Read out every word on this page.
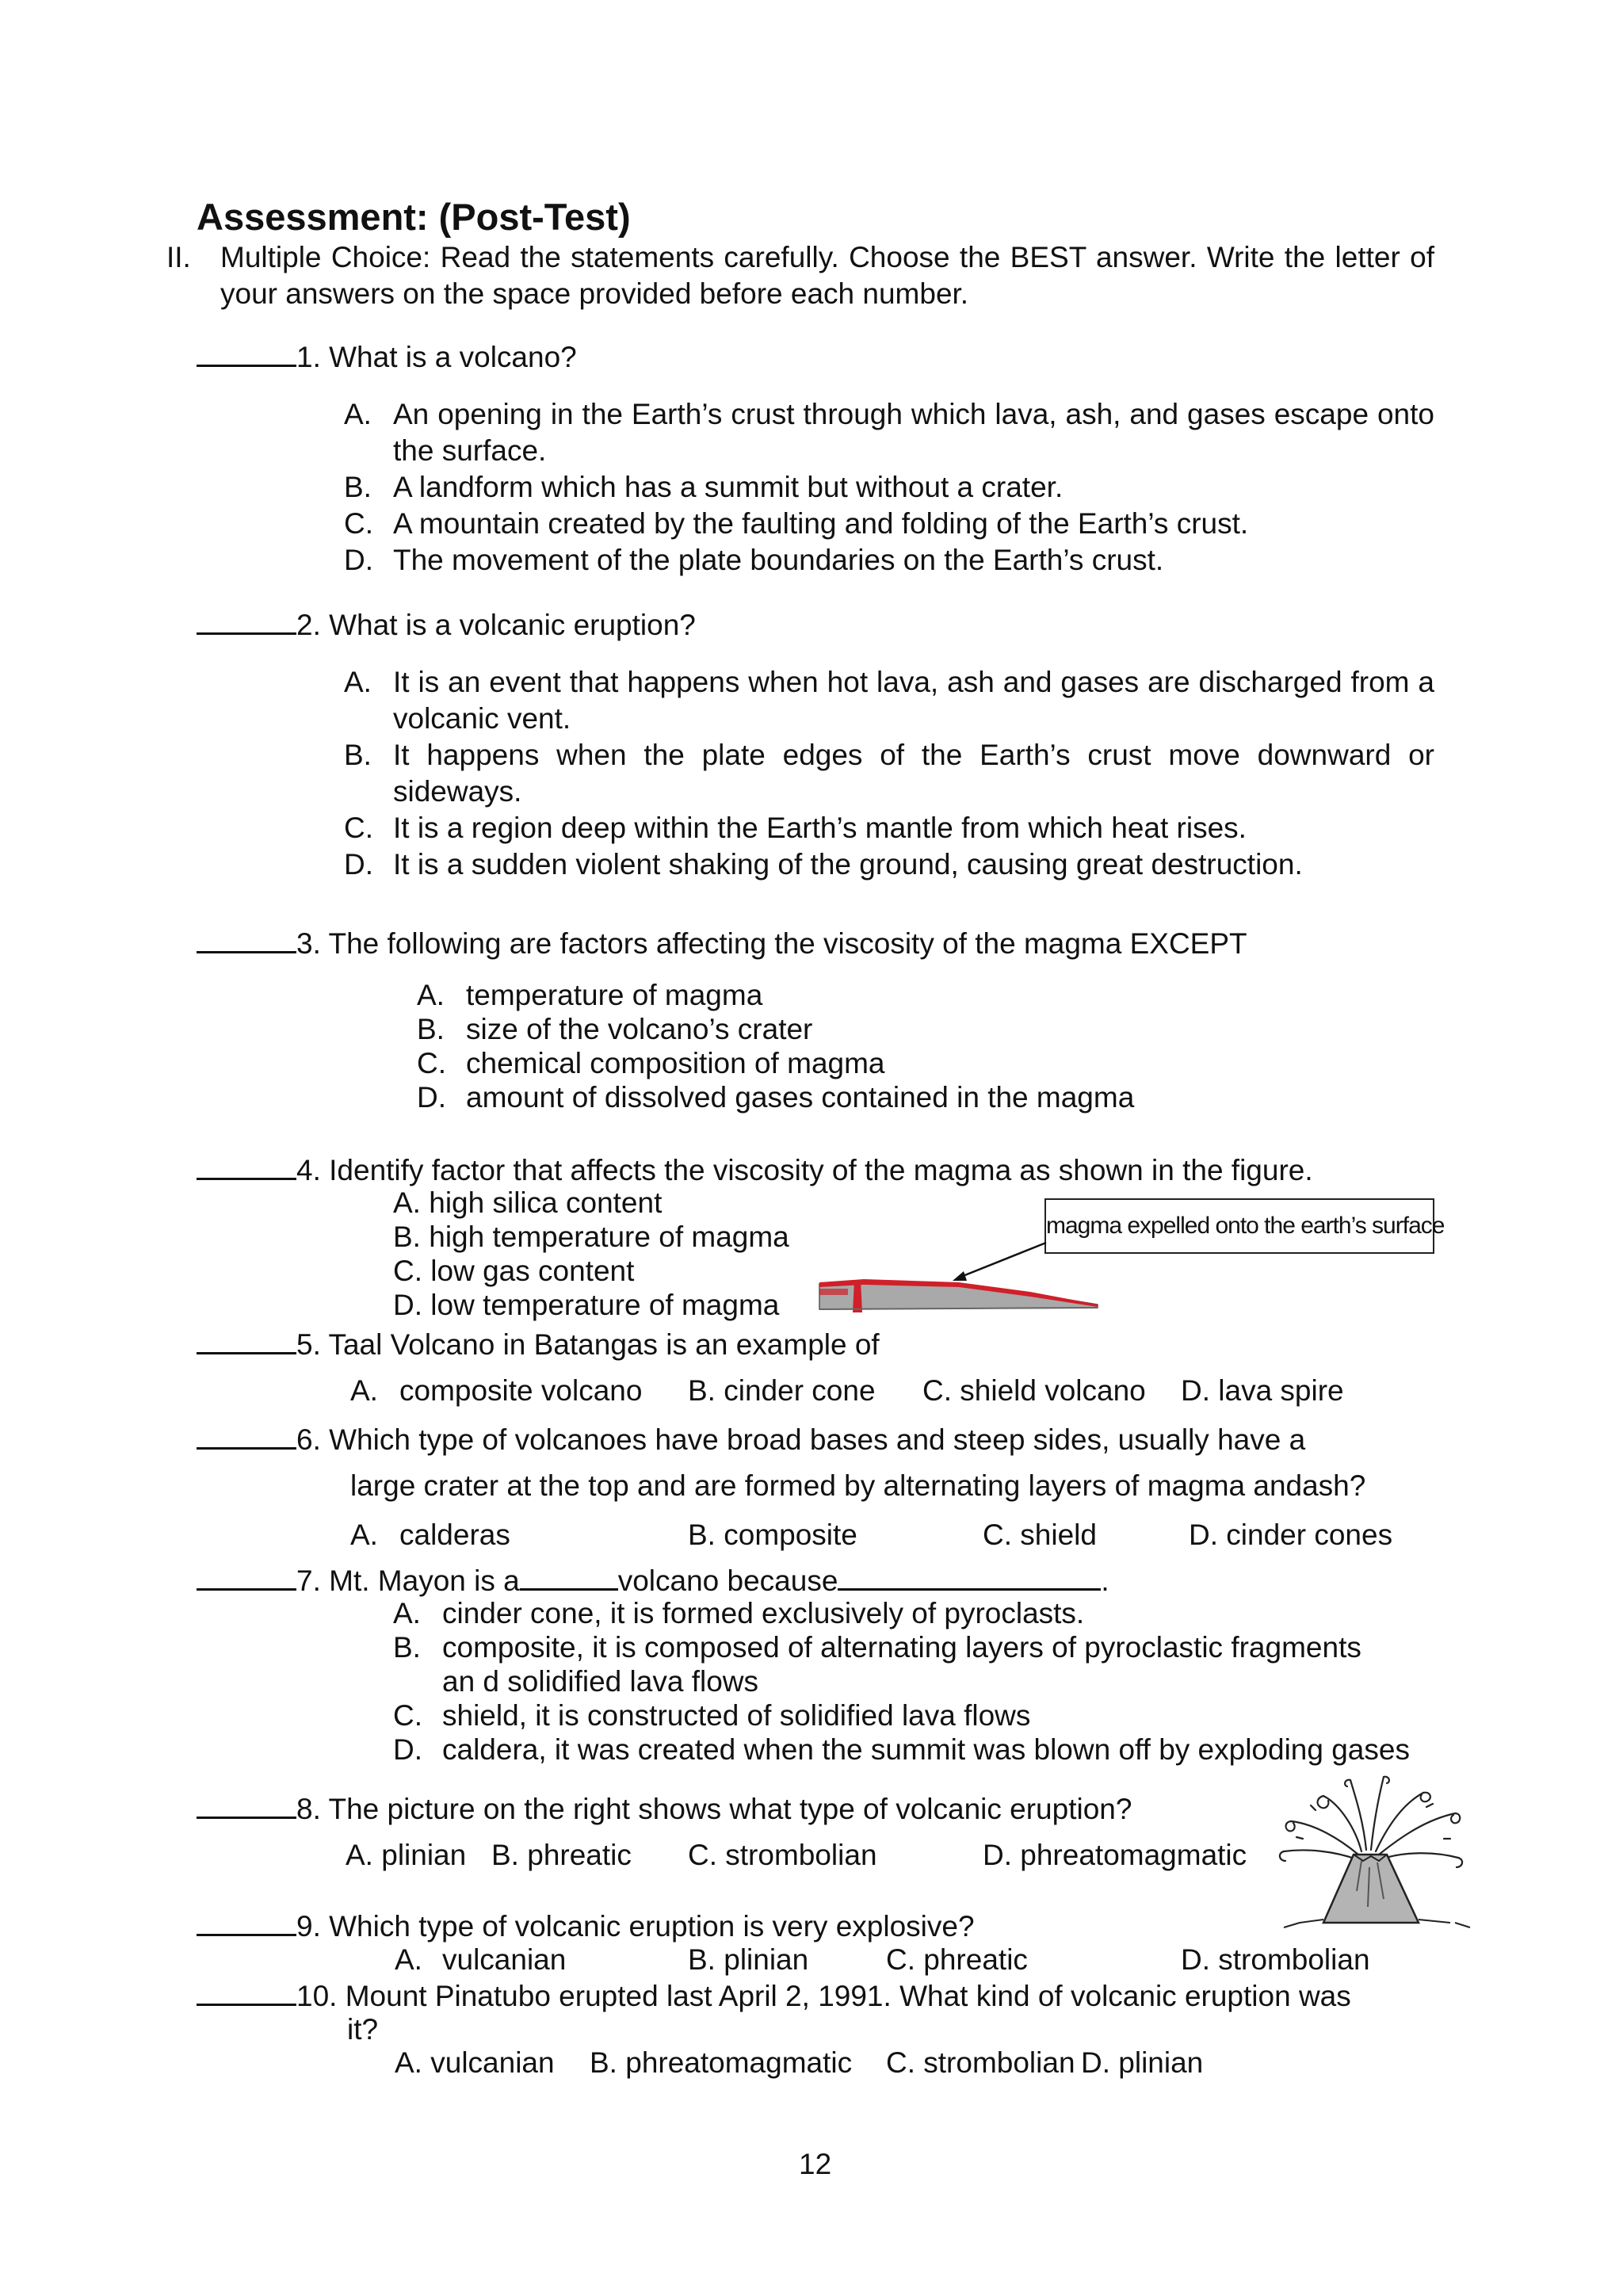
Assessment: (Post-Test)
II. Multiple Choice: Read the statements carefully. Choose the BEST answer. Write the letter of your answers on the space provided before each number.
1. What is a volcano?
A. An opening in the Earth’s crust through which lava, ash, and gases escape onto the surface.
B. A landform which has a summit but without a crater.
C. A mountain created by the faulting and folding of the Earth’s crust.
D. The movement of the plate boundaries on the Earth’s crust.
2. What is a volcanic eruption?
A. It is an event that happens when hot lava, ash and gases are discharged from a volcanic vent.
B. It happens when the plate edges of the Earth’s crust move downward or sideways.
C. It is a region deep within the Earth’s mantle from which heat rises.
D. It is a sudden violent shaking of the ground, causing great destruction.
3. The following are factors affecting the viscosity of the magma EXCEPT
A. temperature of magma
B. size of the volcano’s crater
C. chemical composition of magma
D. amount of dissolved gases contained in the magma
4. Identify factor that affects the viscosity of the magma as shown in the figure.
A. high silica content
B. high temperature of magma
C. low gas content
D. low temperature of magma
magma expelled onto the earth’s surface
5. Taal Volcano in Batangas is an example of
A. composite volcano B. cinder cone C. shield volcano D. lava spire
6. Which type of volcanoes have broad bases and steep sides, usually have a
large crater at the top and are formed by alternating layers of magma andash?
A. calderas	B. composite	C. shield	D. cinder cones
7. Mt. Mayon is a	volcano because	.
A. cinder cone, it is formed exclusively of pyroclasts.
B. composite, it is composed of alternating layers of pyroclastic fragments
an d solidified lava flows
C. shield, it is constructed of solidified lava flows
D. caldera, it was created when the summit was blown off by exploding gases
8. The picture on the right shows what type of volcanic eruption?
A. plinian B. phreatic C. strombolian	D. phreatomagmatic
9. Which type of volcanic eruption is very explosive?
A. vulcanian	B. plinian	C. phreatic	D. strombolian
10. Mount Pinatubo erupted last April 2, 1991. What kind of volcanic eruption was
it?
A. vulcanian B. phreatomagmatic C. strombolian D. plinian
12
